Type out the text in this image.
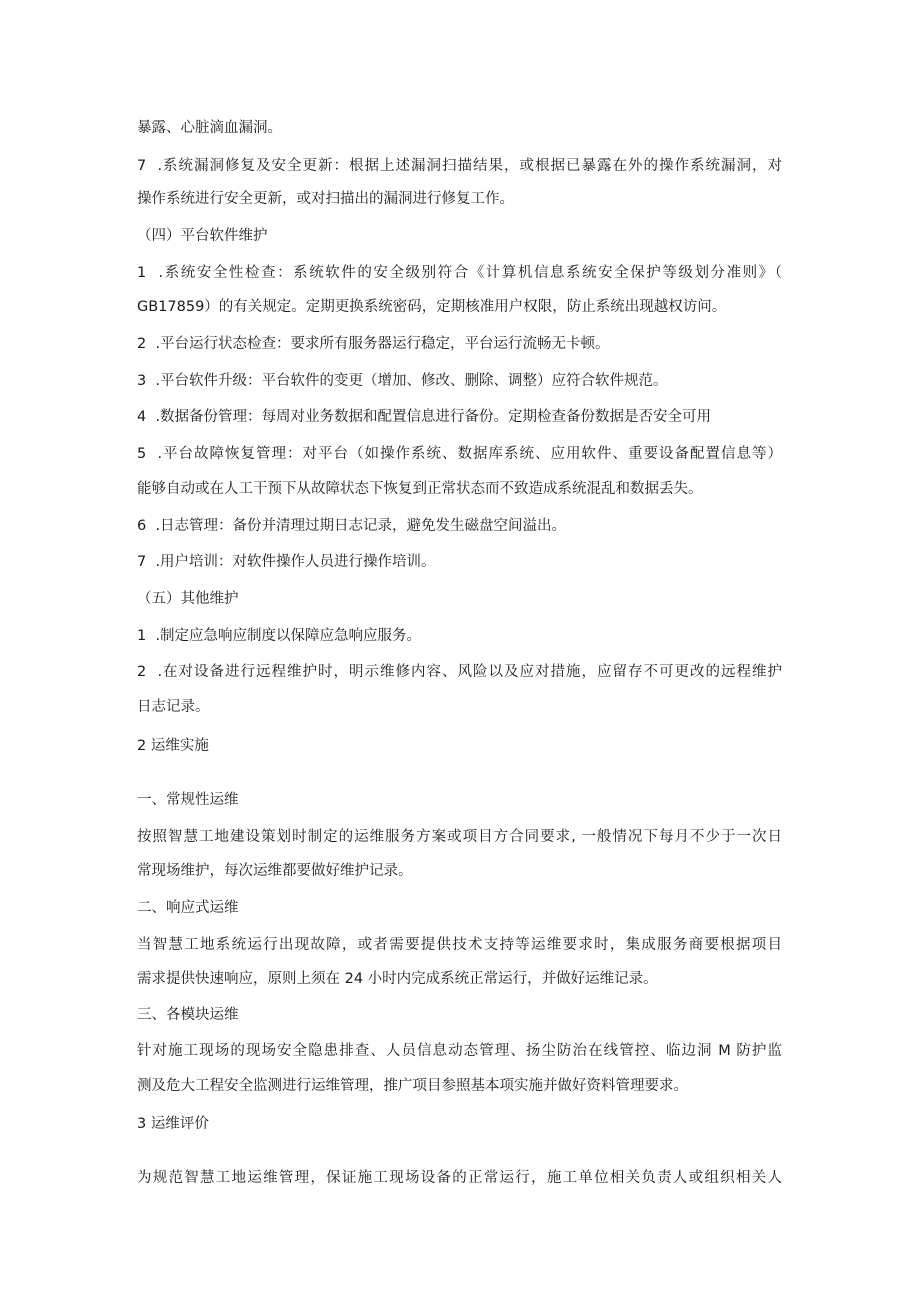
暴露、心脏滴血漏洞。

7  .系统漏洞修复及安全更新：根据上述漏洞扫描结果，或根据已暴露在外的操作系统漏洞，对

操作系统进行安全更新，或对扫描出的漏洞进行修复工作。

（四）平台软件维护

1  .系统安全性检查：系统软件的安全级别符合《计算机信息系统安全保护等级划分准则》（

GB17859）的有关规定。定期更换系统密码，定期核准用户权限，防止系统出现越权访问。

2  .平台运行状态检查：要求所有服务器运行稳定，平台运行流畅无卡顿。

3  .平台软件升级：平台软件的变更（增加、修改、删除、调整）应符合软件规范。

4  .数据备份管理：每周对业务数据和配置信息进行备份。定期检查备份数据是否安全可用

5  .平台故障恢复管理：对平台（如操作系统、数据库系统、应用软件、重要设备配置信息等）

能够自动或在人工干预下从故障状态下恢复到正常状态而不致造成系统混乱和数据丢失。

6  .日志管理：备份并清理过期日志记录，避免发生磁盘空间溢出。

7  .用户培训：对软件操作人员进行操作培训。

（五）其他维护

1  .制定应急响应制度以保障应急响应服务。

2  .在对设备进行远程维护时，明示维修内容、风险以及应对措施，应留存不可更改的远程维护

日志记录。

2 运维实施

一、常规性运维

按照智慧工地建设策划时制定的运维服务方案或项目方合同要求, 一般情况下每月不少于一次日

常现场维护，每次运维都要做好维护记录。

二、响应式运维

当智慧工地系统运行出现故障，或者需要提供技术支持等运维要求时，集成服务商要根据项目

需求提供快速响应，原则上须在 24 小时内完成系统正常运行，并做好运维记录。

三、各模块运维

针对施工现场的现场安全隐患排查、人员信息动态管理、扬尘防治在线管控、临边洞 M 防护监

测及危大工程安全监测进行运维管理，推广项目参照基本项实施并做好资料管理要求。

3 运维评价

为规范智慧工地运维管理，保证施工现场设备的正常运行，施工单位相关负责人或组织相关人
